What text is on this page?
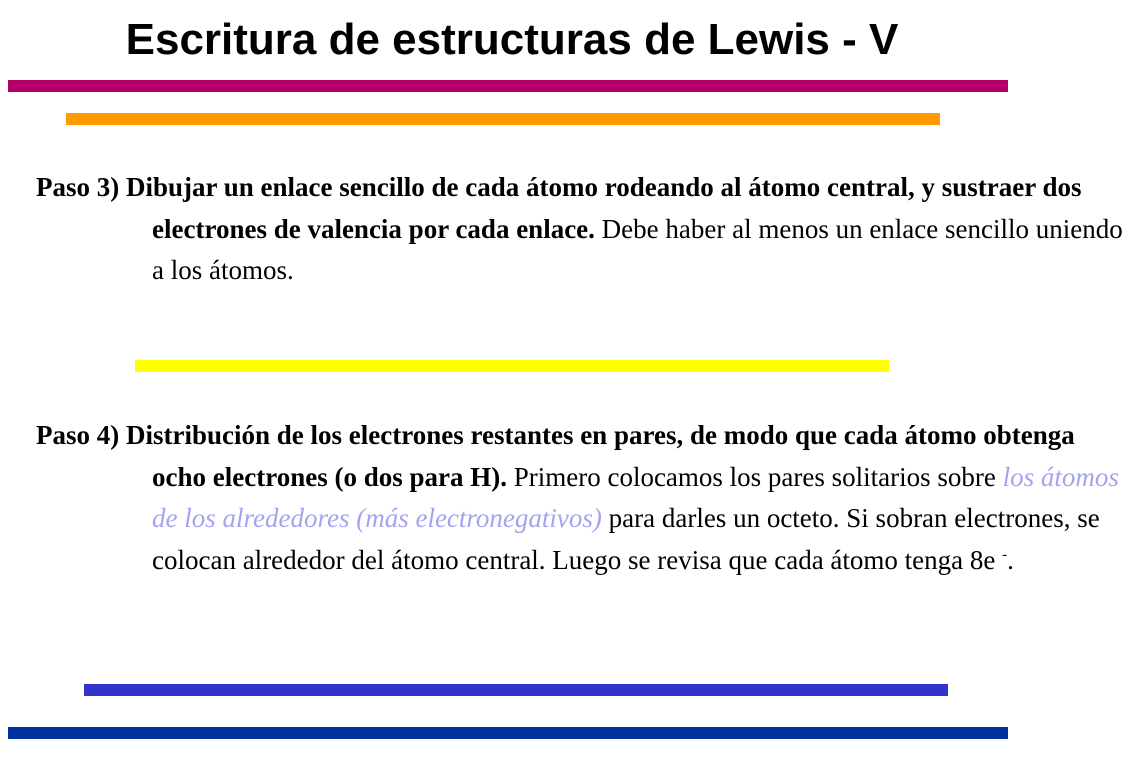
Escritura de estructuras de Lewis - V

Paso 3) Dibujar un enlace sencillo de cada átomo rodeando al átomo central, y sustraer dos electrones de valencia por cada enlace. Debe haber al menos un enlace sencillo uniendo a los átomos.

Paso 4) Distribución de los electrones restantes en pares, de modo que cada átomo obtenga ocho electrones (o dos para H). Primero colocamos los pares solitarios sobre los átomos de los alrededores (más electronegativos) para darles un octeto. Si sobran electrones, se colocan alrededor del átomo central. Luego se revisa que cada átomo tenga 8e -.
